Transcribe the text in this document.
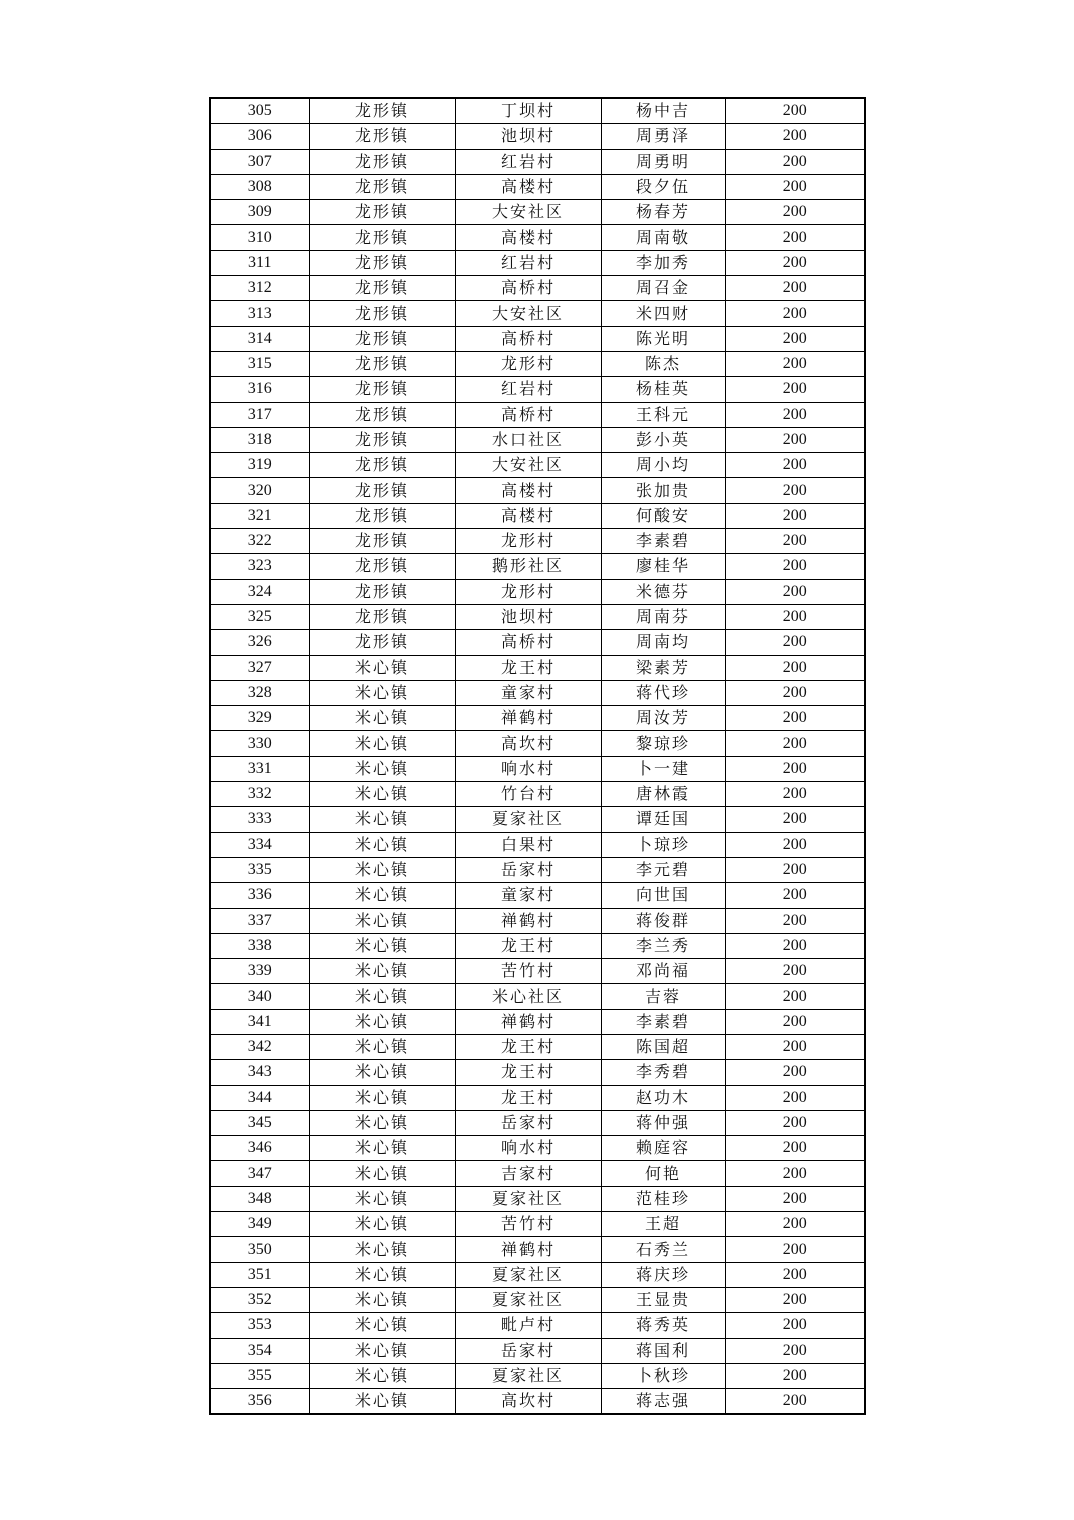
305	龙形镇	丁坝村	杨中吉	200
306	龙形镇	池坝村	周勇泽	200
307	龙形镇	红岩村	周勇明	200
308	龙形镇	高楼村	段夕伍	200
309	龙形镇	大安社区	杨春芳	200
310	龙形镇	高楼村	周南敬	200
311	龙形镇	红岩村	李加秀	200
312	龙形镇	高桥村	周召金	200
313	龙形镇	大安社区	米四财	200
314	龙形镇	高桥村	陈光明	200
315	龙形镇	龙形村	陈杰	200
316	龙形镇	红岩村	杨桂英	200
317	龙形镇	高桥村	王科元	200
318	龙形镇	水口社区	彭小英	200
319	龙形镇	大安社区	周小均	200
320	龙形镇	高楼村	张加贵	200
321	龙形镇	高楼村	何酸安	200
322	龙形镇	龙形村	李素碧	200
323	龙形镇	鹅形社区	廖桂华	200
324	龙形镇	龙形村	米德芬	200
325	龙形镇	池坝村	周南芬	200
326	龙形镇	高桥村	周南均	200
327	米心镇	龙王村	梁素芳	200
328	米心镇	童家村	蒋代珍	200
329	米心镇	禅鹤村	周汝芳	200
330	米心镇	高坎村	黎琼珍	200
331	米心镇	响水村	卜一建	200
332	米心镇	竹台村	唐林霞	200
333	米心镇	夏家社区	谭廷国	200
334	米心镇	白果村	卜琼珍	200
335	米心镇	岳家村	李元碧	200
336	米心镇	童家村	向世国	200
337	米心镇	禅鹤村	蒋俊群	200
338	米心镇	龙王村	李兰秀	200
339	米心镇	苦竹村	邓尚福	200
340	米心镇	米心社区	吉蓉	200
341	米心镇	禅鹤村	李素碧	200
342	米心镇	龙王村	陈国超	200
343	米心镇	龙王村	李秀碧	200
344	米心镇	龙王村	赵功木	200
345	米心镇	岳家村	蒋仲强	200
346	米心镇	响水村	赖庭容	200
347	米心镇	吉家村	何艳	200
348	米心镇	夏家社区	范桂珍	200
349	米心镇	苦竹村	王超	200
350	米心镇	禅鹤村	石秀兰	200
351	米心镇	夏家社区	蒋庆珍	200
352	米心镇	夏家社区	王显贵	200
353	米心镇	毗卢村	蒋秀英	200
354	米心镇	岳家村	蒋国利	200
355	米心镇	夏家社区	卜秋珍	200
356	米心镇	高坎村	蒋志强	200
